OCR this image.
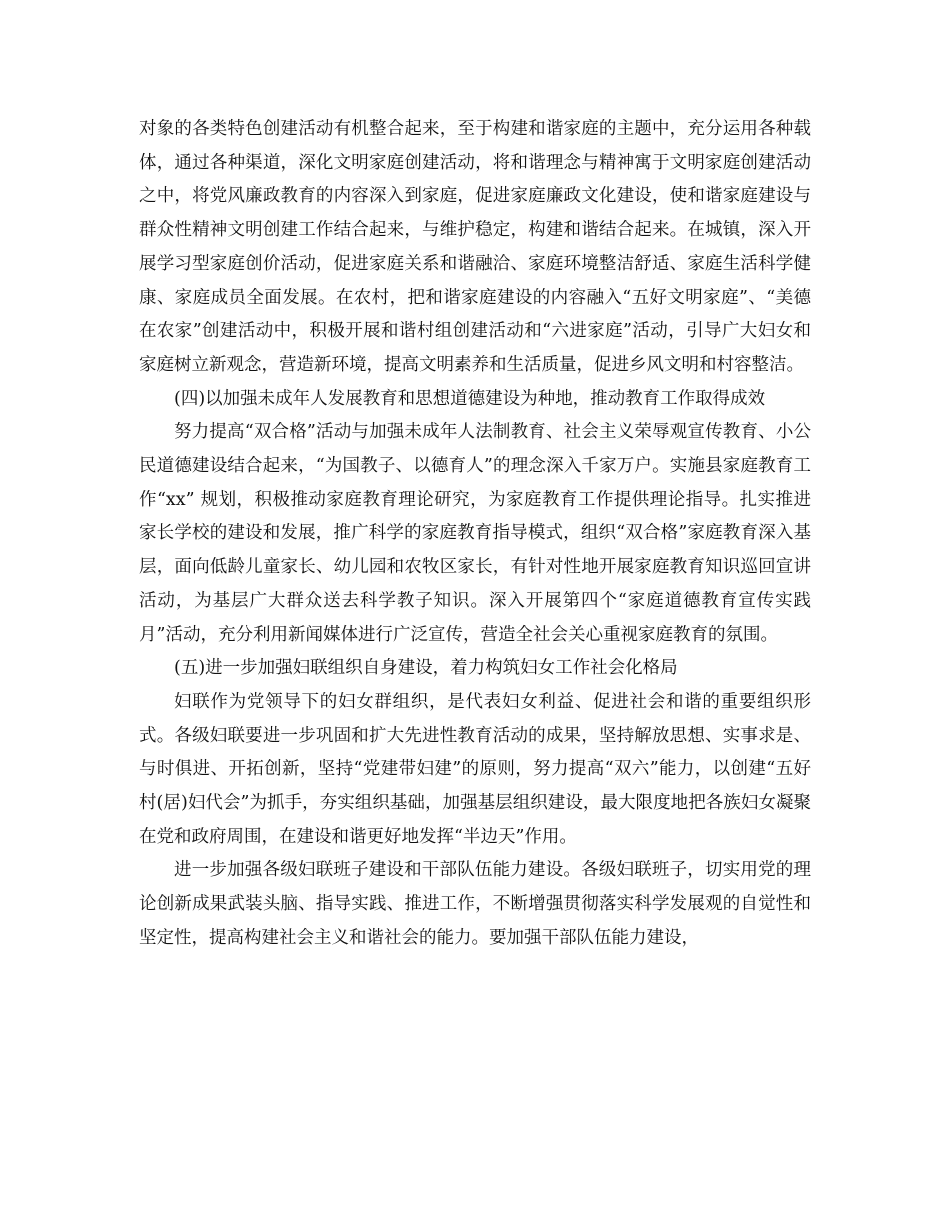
对象的各类特色创建活动有机整合起来，至于构建和谐家庭的主题中，充分运用各种载体，通过各种渠道，深化文明家庭创建活动，将和谐理念与精神寓于文明家庭创建活动之中，将党风廉政教育的内容深入到家庭，促进家庭廉政文化建设，使和谐家庭建设与群众性精神文明创建工作结合起来，与维护稳定，构建和谐结合起来。在城镇，深入开展学习型家庭创价活动，促进家庭关系和谐融洽、家庭环境整洁舒适、家庭生活科学健康、家庭成员全面发展。在农村，把和谐家庭建设的内容融入“五好文明家庭”、“美德在农家”创建活动中，积极开展和谐村组创建活动和“六进家庭”活动，引导广大妇女和家庭树立新观念，营造新环境，提高文明素养和生活质量，促进乡风文明和村容整洁。

(四)以加强未成年人发展教育和思想道德建设为种地，推动教育工作取得成效

努力提高“双合格”活动与加强未成年人法制教育、社会主义荣辱观宣传教育、小公民道德建设结合起来，“为国教子、以德育人”的理念深入千家万户。实施县家庭教育工作“xx” 规划，积极推动家庭教育理论研究，为家庭教育工作提供理论指导。扎实推进家长学校的建设和发展，推广科学的家庭教育指导模式，组织“双合格”家庭教育深入基层，面向低龄儿童家长、幼儿园和农牧区家长，有针对性地开展家庭教育知识巡回宣讲活动，为基层广大群众送去科学教子知识。深入开展第四个“家庭道德教育宣传实践月”活动，充分利用新闻媒体进行广泛宣传，营造全社会关心重视家庭教育的氛围。

(五)进一步加强妇联组织自身建设，着力构筑妇女工作社会化格局

妇联作为党领导下的妇女群组织，是代表妇女利益、促进社会和谐的重要组织形式。各级妇联要进一步巩固和扩大先进性教育活动的成果，坚持解放思想、实事求是、与时俱进、开拓创新，坚持“党建带妇建”的原则，努力提高“双六”能力，以创建“五好村(居)妇代会”为抓手，夯实组织基础，加强基层组织建设，最大限度地把各族妇女凝聚在党和政府周围，在建设和谐更好地发挥“半边天”作用。

进一步加强各级妇联班子建设和干部队伍能力建设。各级妇联班子，切实用党的理论创新成果武装头脑、指导实践、推进工作，不断增强贯彻落实科学发展观的自觉性和坚定性，提高构建社会主义和谐社会的能力。要加强干部队伍能力建设，
